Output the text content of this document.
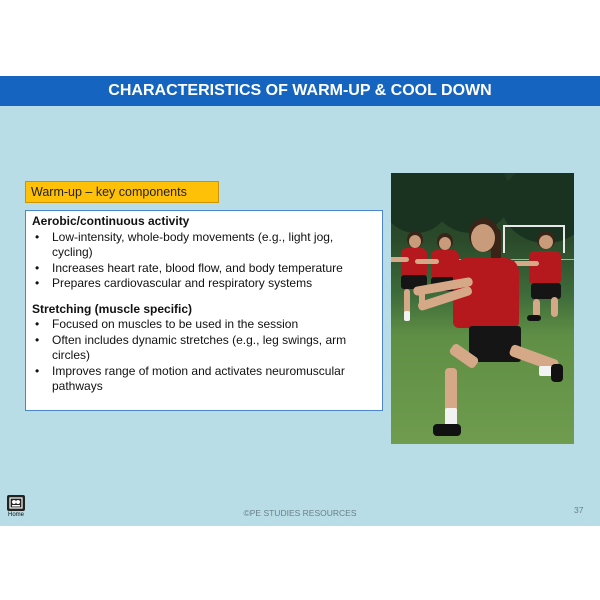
CHARACTERISTICS OF WARM-UP & COOL DOWN
Warm-up – key components
Aerobic/continuous activity
• Low-intensity, whole-body movements (e.g., light jog, cycling)
• Increases heart rate, blood flow, and body temperature
• Prepares cardiovascular and respiratory systems
Stretching (muscle specific)
• Focused on muscles to be used in the session
• Often includes dynamic stretches (e.g., leg swings, arm circles)
• Improves range of motion and activates neuromuscular pathways
Home	©PE STUDIES RESOURCES	37
